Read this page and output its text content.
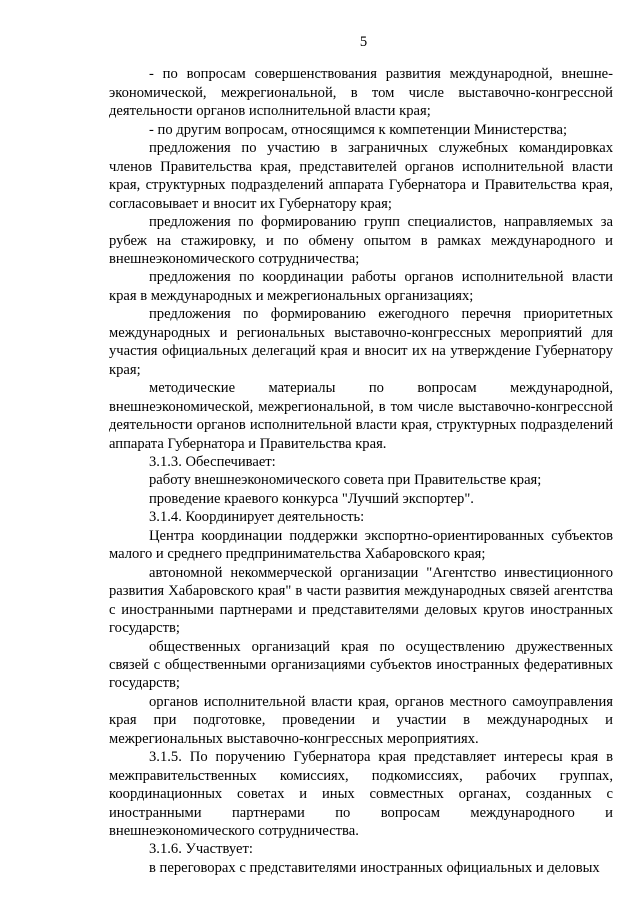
5

- по вопросам совершенствования развития международной, внешне-экономической, межрегиональной, в том числе выставочно-конгрессной деятельности органов исполнительной власти края;

- по другим вопросам, относящимся к компетенции Министерства;

предложения по участию в заграничных служебных командировках членов Правительства края, представителей органов исполнительной власти края, структурных подразделений аппарата Губернатора и Правительства края, согласовывает и вносит их Губернатору края;

предложения по формированию групп специалистов, направляемых за рубеж на стажировку, и по обмену опытом в рамках международного и внешнеэкономического сотрудничества;

предложения по координации работы органов исполнительной власти края в международных и межрегиональных организациях;

предложения по формированию ежегодного перечня приоритетных международных и региональных выставочно-конгрессных мероприятий для участия официальных делегаций края и вносит их на утверждение Губернатору края;

методические материалы по вопросам международной, внешнеэкономической, межрегиональной, в том числе выставочно-конгрессной деятельности органов исполнительной власти края, структурных подразделений аппарата Губернатора и Правительства края.

3.1.3. Обеспечивает:

работу внешнеэкономического совета при Правительстве края;

проведение краевого конкурса "Лучший экспортер".

3.1.4. Координирует деятельность:

Центра координации поддержки экспортно-ориентированных субъектов малого и среднего предпринимательства Хабаровского края;

автономной некоммерческой организации "Агентство инвестиционного развития Хабаровского края" в части развития международных связей агентства с иностранными партнерами и представителями деловых кругов иностранных государств;

общественных организаций края по осуществлению дружественных связей с общественными организациями субъектов иностранных федеративных государств;

органов исполнительной власти края, органов местного самоуправления края при подготовке, проведении и участии в международных и межрегиональных выставочно-конгрессных мероприятиях.

3.1.5. По поручению Губернатора края представляет интересы края в межправительственных комиссиях, подкомиссиях, рабочих группах, координационных советах и иных совместных органах, созданных с иностранными партнерами по вопросам международного и внешнеэкономического сотрудничества.

3.1.6. Участвует:

в переговорах с представителями иностранных официальных и деловых
